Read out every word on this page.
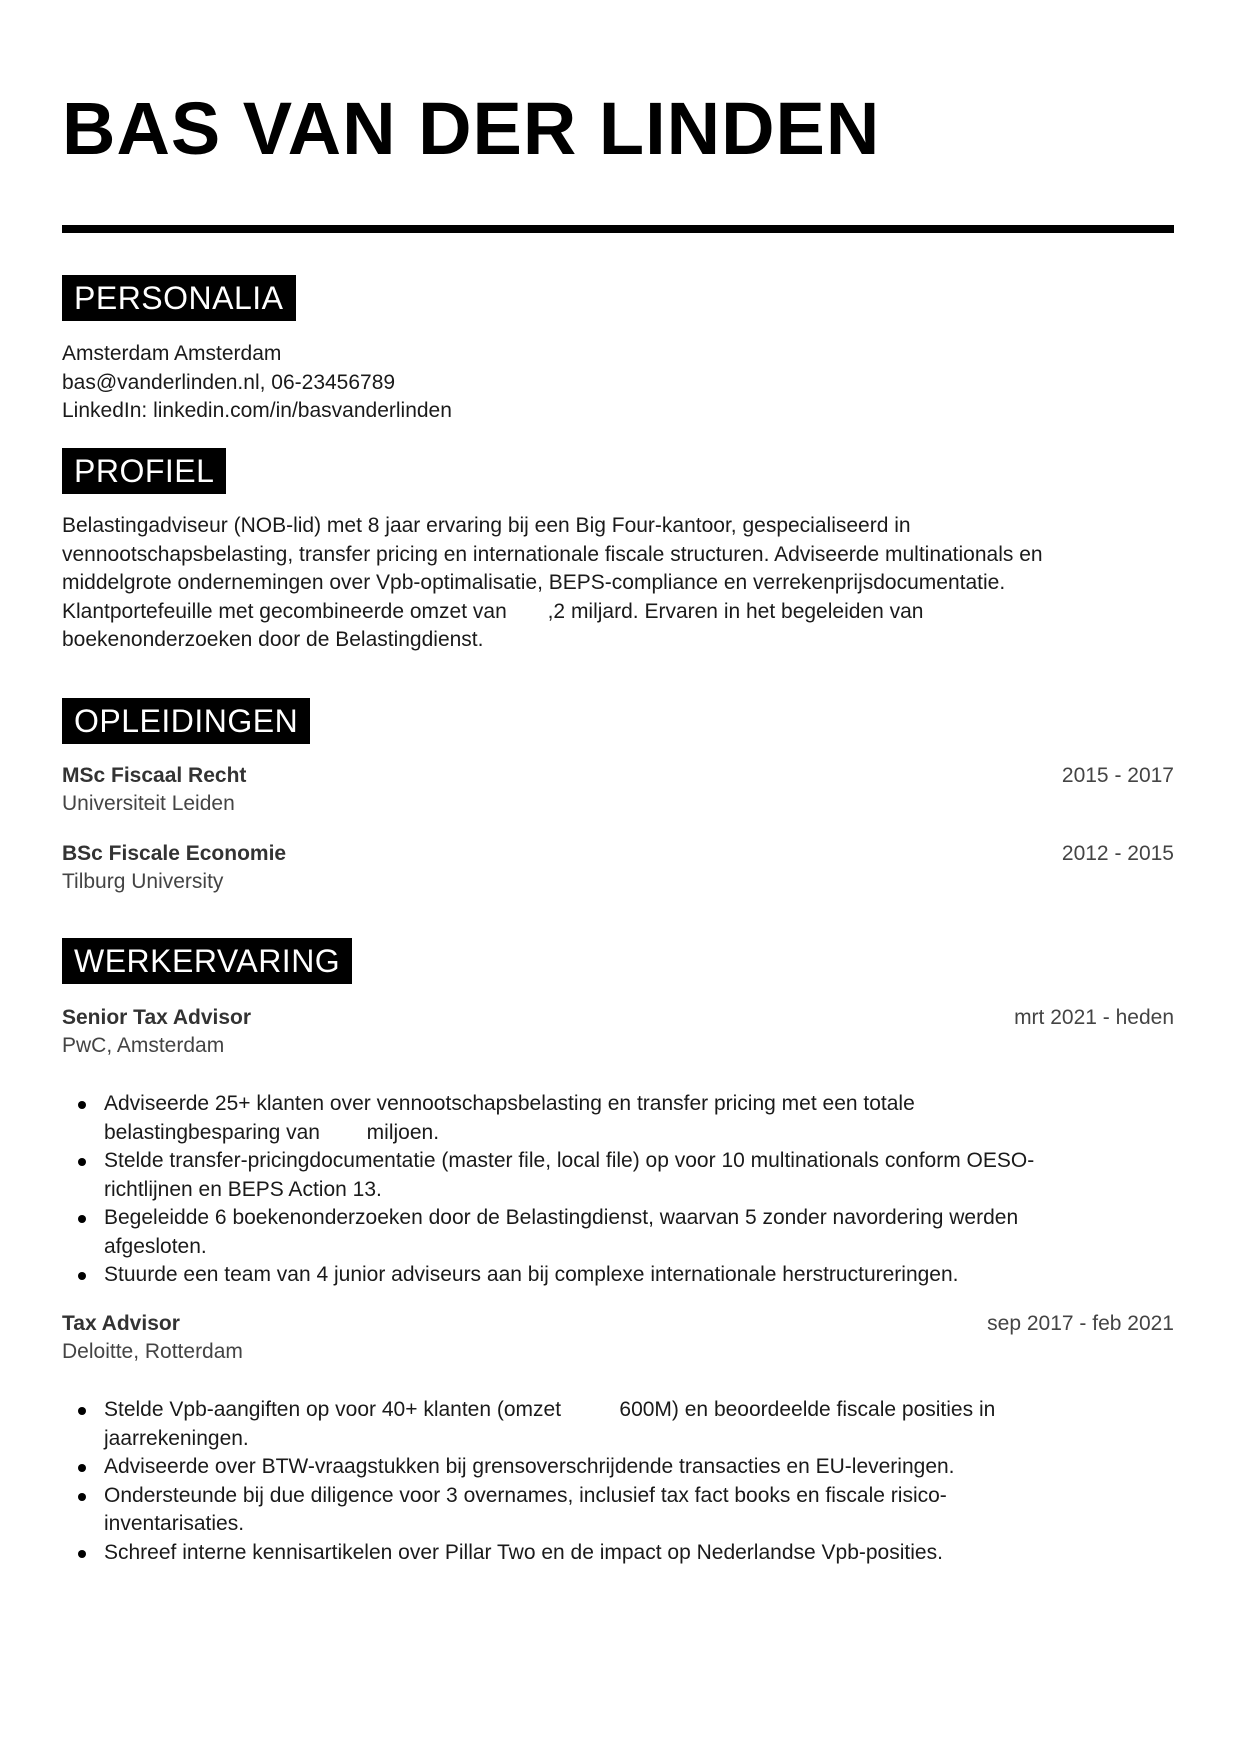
BAS VAN DER LINDEN
PERSONALIA
Amsterdam Amsterdam
bas@vanderlinden.nl, 06-23456789
LinkedIn: linkedin.com/in/basvanderlinden
PROFIEL
Belastingadviseur (NOB-lid) met 8 jaar ervaring bij een Big Four-kantoor, gespecialiseerd in
vennootschapsbelasting, transfer pricing en internationale fiscale structuren. Adviseerde multinationals en
middelgrote ondernemingen over Vpb-optimalisatie, BEPS-compliance en verrekenprijsdocumentatie.
Klantportefeuille met gecombineerde omzet van       ,2 miljard. Ervaren in het begeleiden van
boekenonderzoeken door de Belastingdienst.
OPLEIDINGEN
MSc Fiscaal Recht	2015 - 2017
Universiteit Leiden
BSc Fiscale Economie	2012 - 2015
Tilburg University
WERKERVARING
Senior Tax Advisor	mrt 2021 - heden
PwC, Amsterdam
Adviseerde 25+ klanten over vennootschapsbelasting en transfer pricing met een totale
belastingbesparing van        miljoen.
Stelde transfer-pricingdocumentatie (master file, local file) op voor 10 multinationals conform OESO-
richtlijnen en BEPS Action 13.
Begeleidde 6 boekenonderzoeken door de Belastingdienst, waarvan 5 zonder navordering werden
afgesloten.
Stuurde een team van 4 junior adviseurs aan bij complexe internationale herstructureringen.
Tax Advisor	sep 2017 - feb 2021
Deloitte, Rotterdam
Stelde Vpb-aangiften op voor 40+ klanten (omzet          600M) en beoordeelde fiscale posities in
jaarrekeningen.
Adviseerde over BTW-vraagstukken bij grensoverschrijdende transacties en EU-leveringen.
Ondersteunde bij due diligence voor 3 overnames, inclusief tax fact books en fiscale risico-
inventarisaties.
Schreef interne kennisartikelen over Pillar Two en de impact op Nederlandse Vpb-posities.
